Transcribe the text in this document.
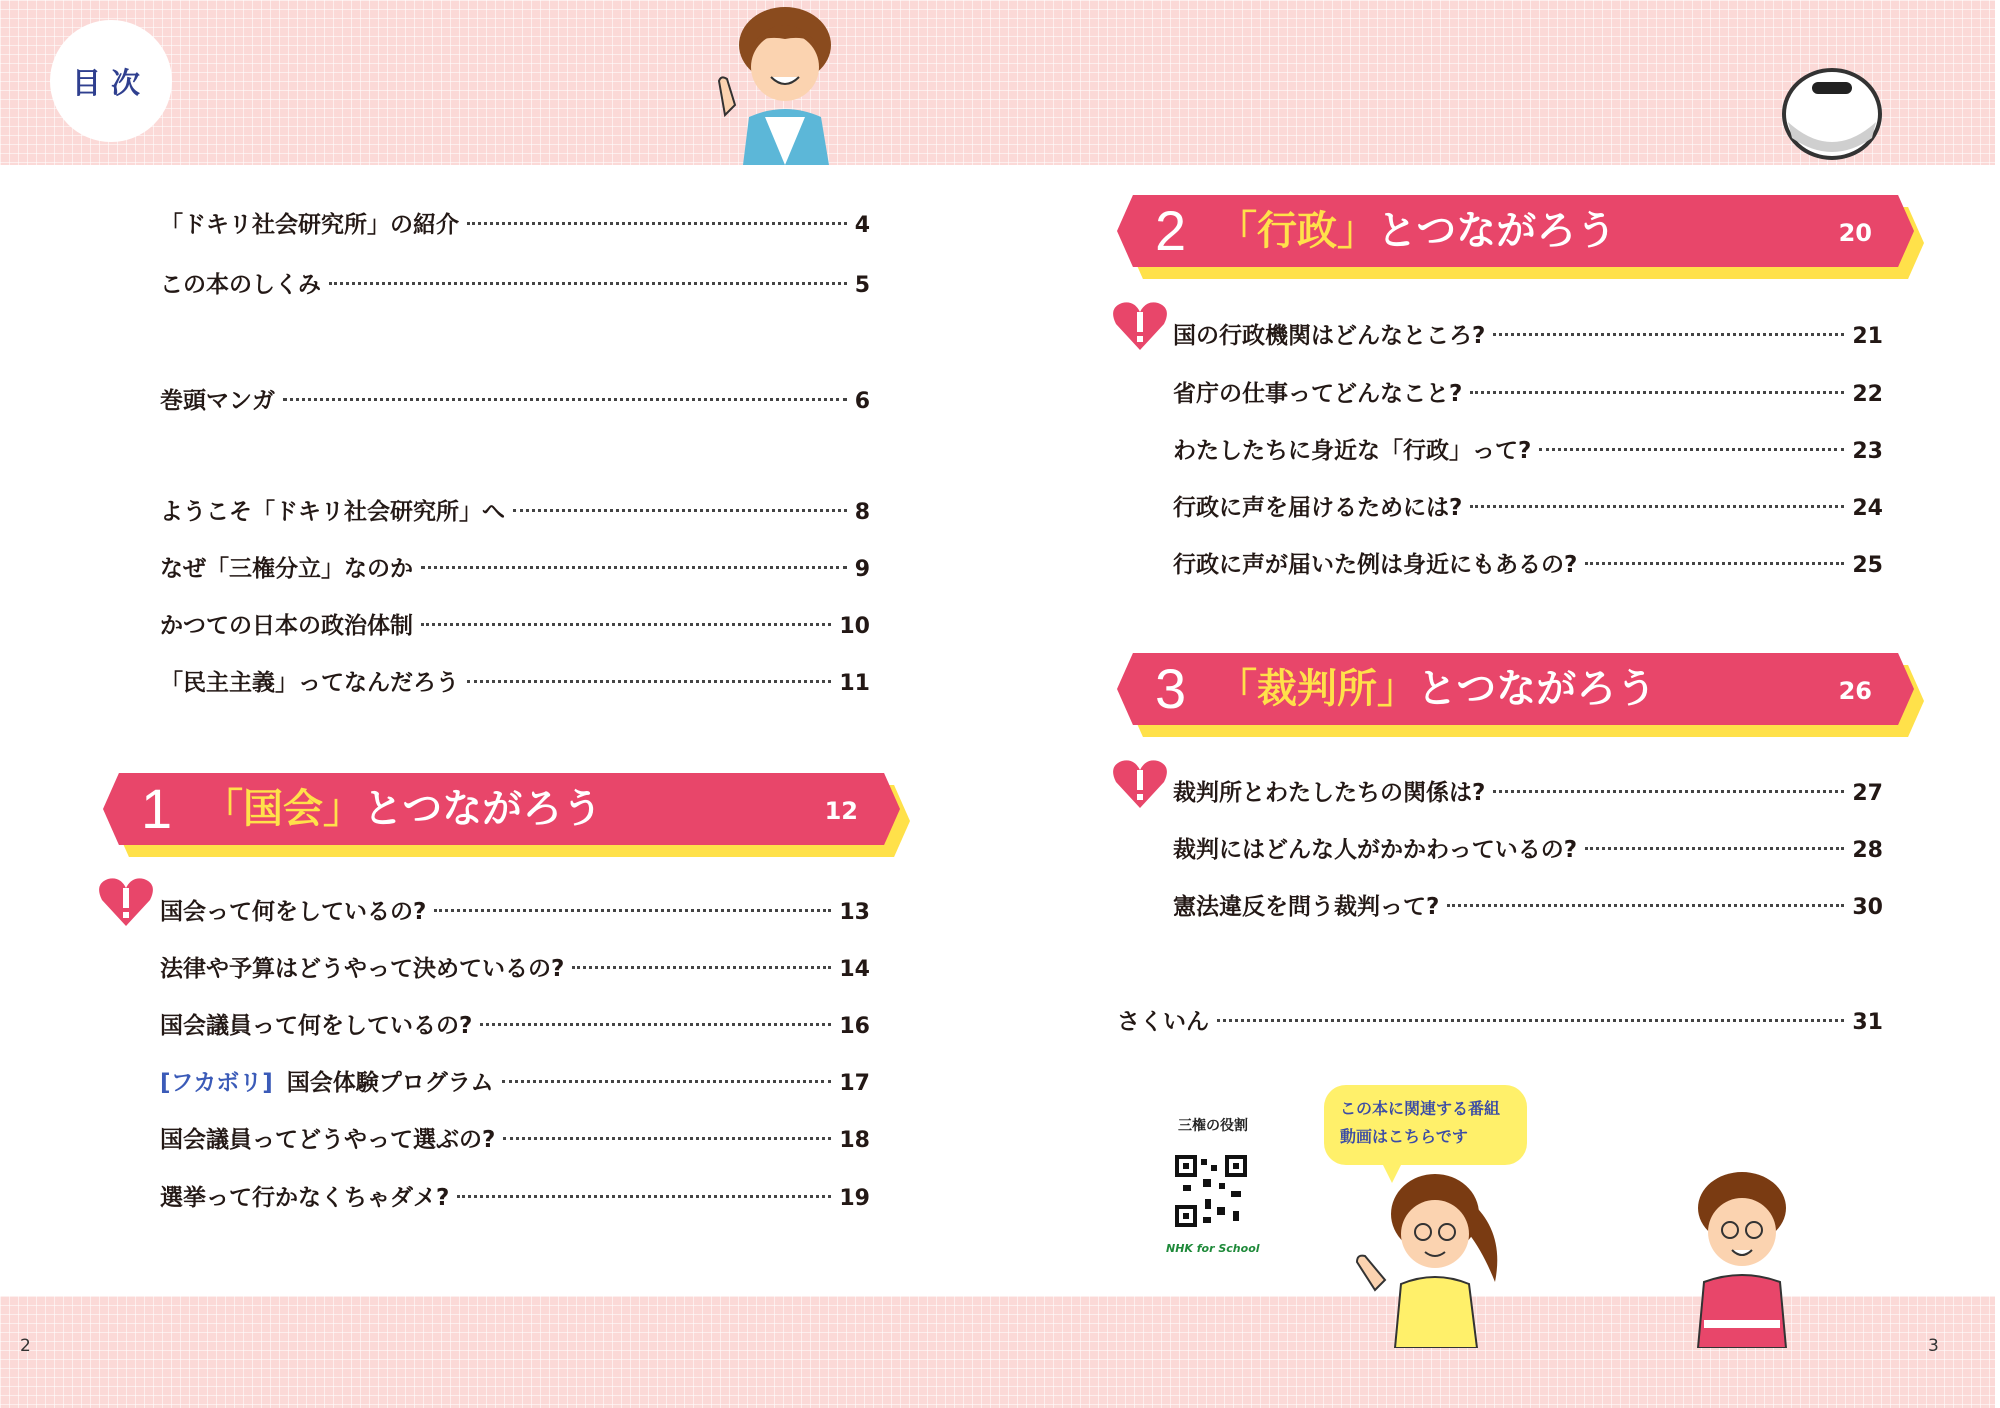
目次
「ドキリ社会研究所」の紹介	4
この本のしくみ	5
巻頭マンガ	6
ようこそ「ドキリ社会研究所」へ	8
なぜ「三権分立」なのか	9
かつての日本の政治体制	10
「民主主義」ってなんだろう	11
1 「国会」とつながろう	12
国会って何をしているの?	13
法律や予算はどうやって決めているの?	14
国会議員って何をしているの?	16
[フカボリ] 国会体験プログラム	17
国会議員ってどうやって選ぶの?	18
選挙って行かなくちゃダメ?	19
2 「行政」とつながろう	20
国の行政機関はどんなところ?	21
省庁の仕事ってどんなこと?	22
わたしたちに身近な「行政」って?	23
行政に声を届けるためには?	24
行政に声が届いた例は身近にもあるの?	25
3 「裁判所」とつながろう	26
裁判所とわたしたちの関係は?	27
裁判にはどんな人がかかわっているの?	28
憲法違反を問う裁判って?	30
さくいん	31
三権の役割
NHK for School
この本に関連する番組
動画はこちらです
2	3
